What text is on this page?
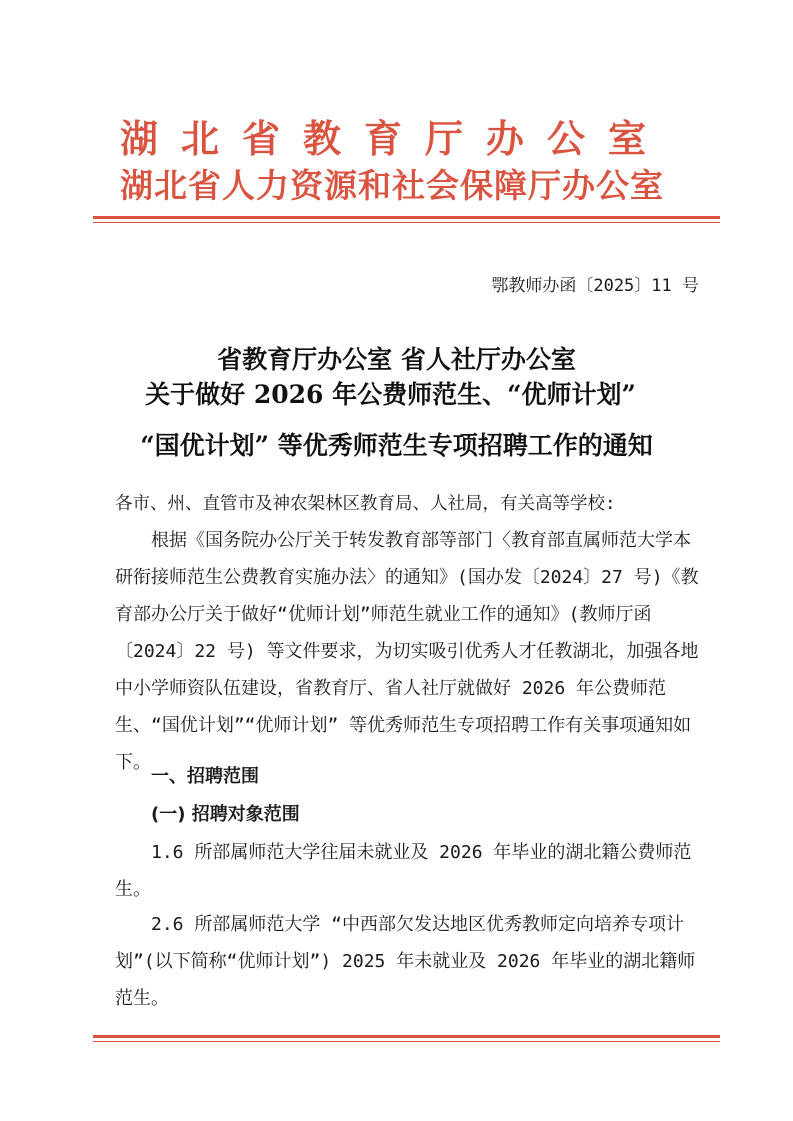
湖北省教育厅办公室
湖北省人力资源和社会保障厅办公室
鄂教师办函〔2025〕11 号
省教育厅办公室 省人社厅办公室
关于做好 2026 年公费师范生、“优师计划”
“国优计划” 等优秀师范生专项招聘工作的通知
各市、州、直管市及神农架林区教育局、人社局，有关高等学校:
根据《国务院办公厅关于转发教育部等部门〈教育部直属师范大学本研衔接师范生公费教育实施办法〉的通知》(国办发〔2024〕27 号)《教育部办公厅关于做好“优师计划”师范生就业工作的通知》(教师厅函〔2024〕22 号) 等文件要求，为切实吸引优秀人才任教湖北，加强各地中小学师资队伍建设，省教育厅、省人社厅就做好 2026 年公费师范生、“国优计划”“优师计划” 等优秀师范生专项招聘工作有关事项通知如下。
一、招聘范围
(一) 招聘对象范围
1.6 所部属师范大学往届未就业及 2026 年毕业的湖北籍公费师范生。
2.6 所部属师范大学 “中西部欠发达地区优秀教师定向培养专项计划”(以下简称“优师计划”) 2025 年未就业及 2026 年毕业的湖北籍师范生。
